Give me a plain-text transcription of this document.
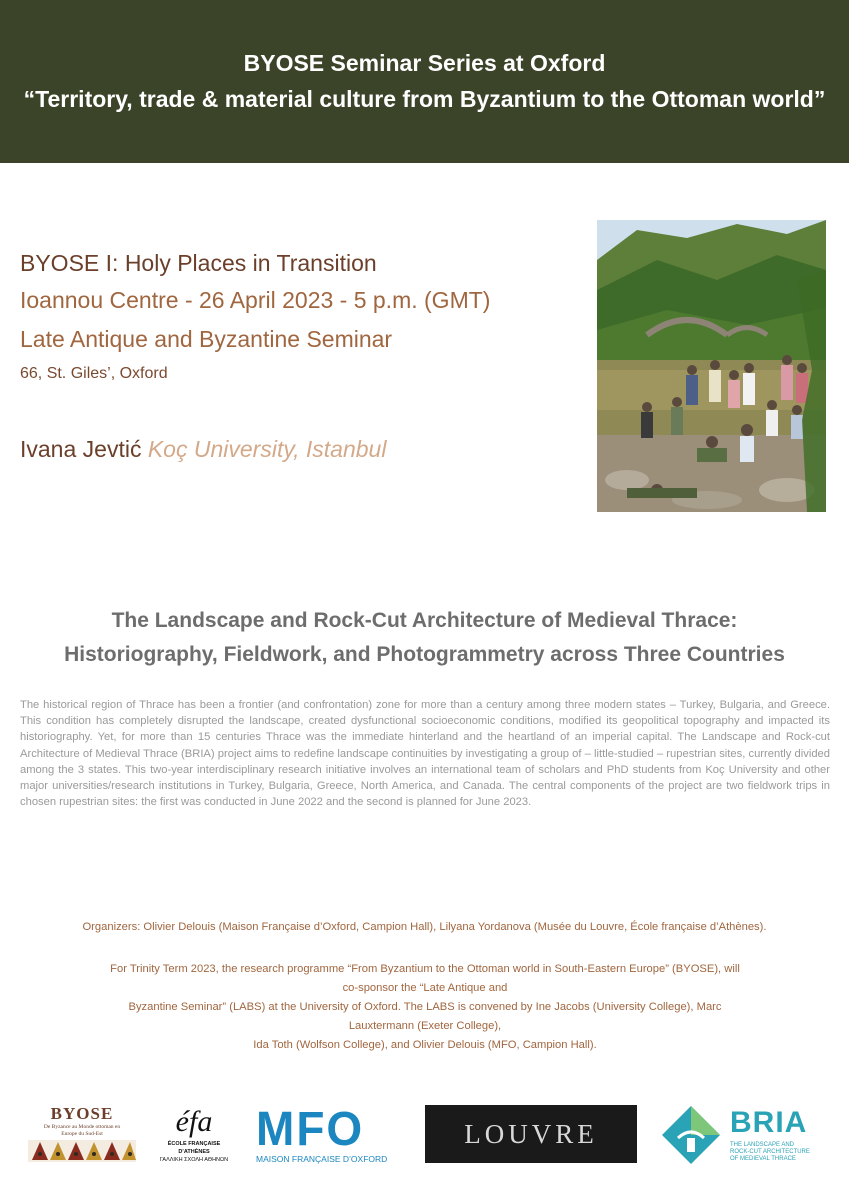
BYOSE Seminar Series at Oxford
“Territory, trade & material culture from Byzantium to the Ottoman world”
BYOSE I: Holy Places in Transition
Ioannou Centre - 26 April 2023 - 5 p.m. (GMT)
Late Antique and Byzantine Seminar
66, St. Giles’, Oxford
Ivana Jevtić Koç University, Istanbul
The Landscape and Rock-Cut Architecture of Medieval Thrace:
Historiography, Fieldwork, and Photogrammetry across Three Countries
The historical region of Thrace has been a frontier (and confrontation) zone for more than a century among three modern states – Turkey, Bulgaria, and Greece. This condition has completely disrupted the landscape, created dysfunctional socioeconomic conditions, modified its geopolitical topography and impacted its historiography. Yet, for more than 15 centuries Thrace was the immediate hinterland and the heartland of an imperial capital. The Landscape and Rock-cut Architecture of Medieval Thrace (BRIA) project aims to redefine landscape continuities by investigating a group of – little-studied – rupestrian sites, currently divided among the 3 states. This two-year interdisciplinary research initiative involves an international team of scholars and PhD students from Koç University and other major universities/research institutions in Turkey, Bulgaria, Greece, North America, and Canada. The central components of the project are two fieldwork trips in chosen rupestrian sites: the first was conducted in June 2022 and the second is planned for June 2023.
Organizers: Olivier Delouis (Maison Française d’Oxford, Campion Hall), Lilyana Yordanova (Musée du Louvre, École française d’Athènes).
For Trinity Term 2023, the research programme “From Byzantium to the Ottoman world in South-Eastern Europe” (BYOSE), will co-sponsor the “Late Antique and
Byzantine Seminar” (LABS) at the University of Oxford. The LABS is convened by Ine Jacobs (University College), Marc Lauxtermann (Exeter College),
Ida Toth (Wolfson College), and Olivier Delouis (MFO, Campion Hall).
BYOSE
De Byzance au Monde ottoman en
Europe du Sud-Est	éfa
ÉCOLE FRANÇAISE D’ATHÈNES
ΓΑΛΛΙΚΗ ΣΧΟΛΗ ΑΘΗΝΩΝ
MFO
MAISON FRANÇAISE D’OXFORD
LOUVRE	BRIA
THE LANDSCAPE AND
ROCK-CUT ARCHITECTURE
OF MEDIEVAL THRACE
